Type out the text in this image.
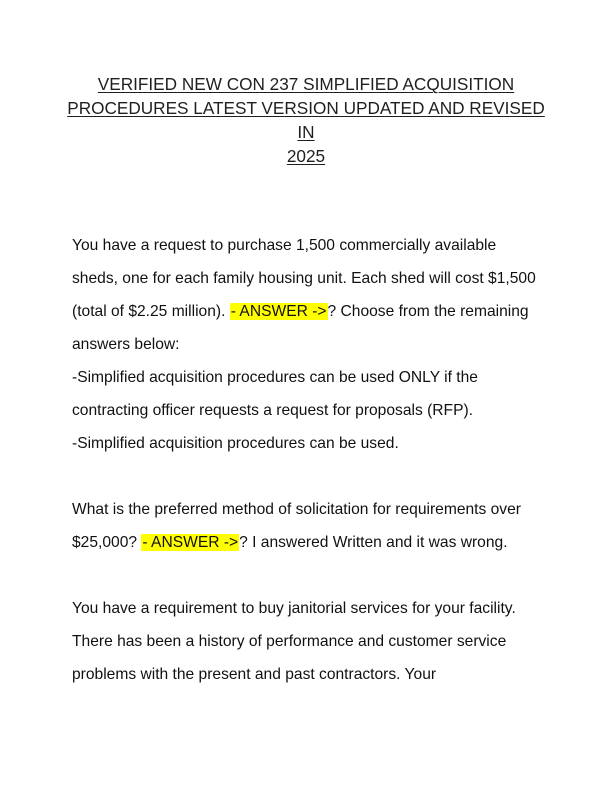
VERIFIED NEW CON 237 SIMPLIFIED ACQUISITION
PROCEDURES LATEST VERSION UPDATED AND REVISED IN
2025

You have a request to purchase 1,500 commercially available sheds, one for each family housing unit. Each shed will cost $1,500 (total of $2.25 million). - ANSWER ->? Choose from the remaining answers below:

-Simplified acquisition procedures can be used ONLY if the contracting officer requests a request for proposals (RFP).

-Simplified acquisition procedures can be used.

What is the preferred method of solicitation for requirements over $25,000? - ANSWER ->? I answered Written and it was wrong.

You have a requirement to buy janitorial services for your facility. There has been a history of performance and customer service problems with the present and past contractors. Your
